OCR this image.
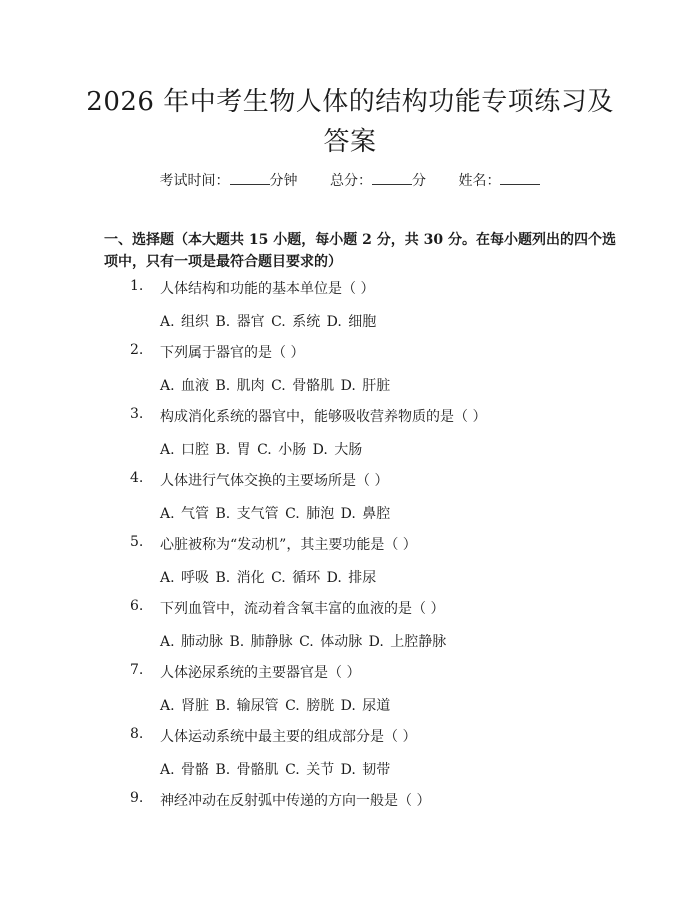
2026 年中考生物人体的结构功能专项练习及
答案
考试时间：	分钟 总分：	分 姓名：
一、选择题（本大题共 15 小题，每小题 2 分，共 30 分。在每小题列出的四个选项中，只有一项是最符合题目要求的）
1. 人体结构和功能的基本单位是（ ）
A. 组织 B. 器官 C. 系统 D. 细胞
2. 下列属于器官的是（ ）
A. 血液 B. 肌肉 C. 骨骼肌 D. 肝脏
3. 构成消化系统的器官中，能够吸收营养物质的是（ ）
A. 口腔 B. 胃 C. 小肠 D. 大肠
4. 人体进行气体交换的主要场所是（ ）
A. 气管 B. 支气管 C. 肺泡 D. 鼻腔
5. 心脏被称为“发动机”，其主要功能是（ ）
A. 呼吸 B. 消化 C. 循环 D. 排尿
6. 下列血管中，流动着含氧丰富的血液的是（ ）
A. 肺动脉 B. 肺静脉 C. 体动脉 D. 上腔静脉
7. 人体泌尿系统的主要器官是（ ）
A. 肾脏 B. 输尿管 C. 膀胱 D. 尿道
8. 人体运动系统中最主要的组成部分是（ ）
A. 骨骼 B. 骨骼肌 C. 关节 D. 韧带
9. 神经冲动在反射弧中传递的方向一般是（ ）
